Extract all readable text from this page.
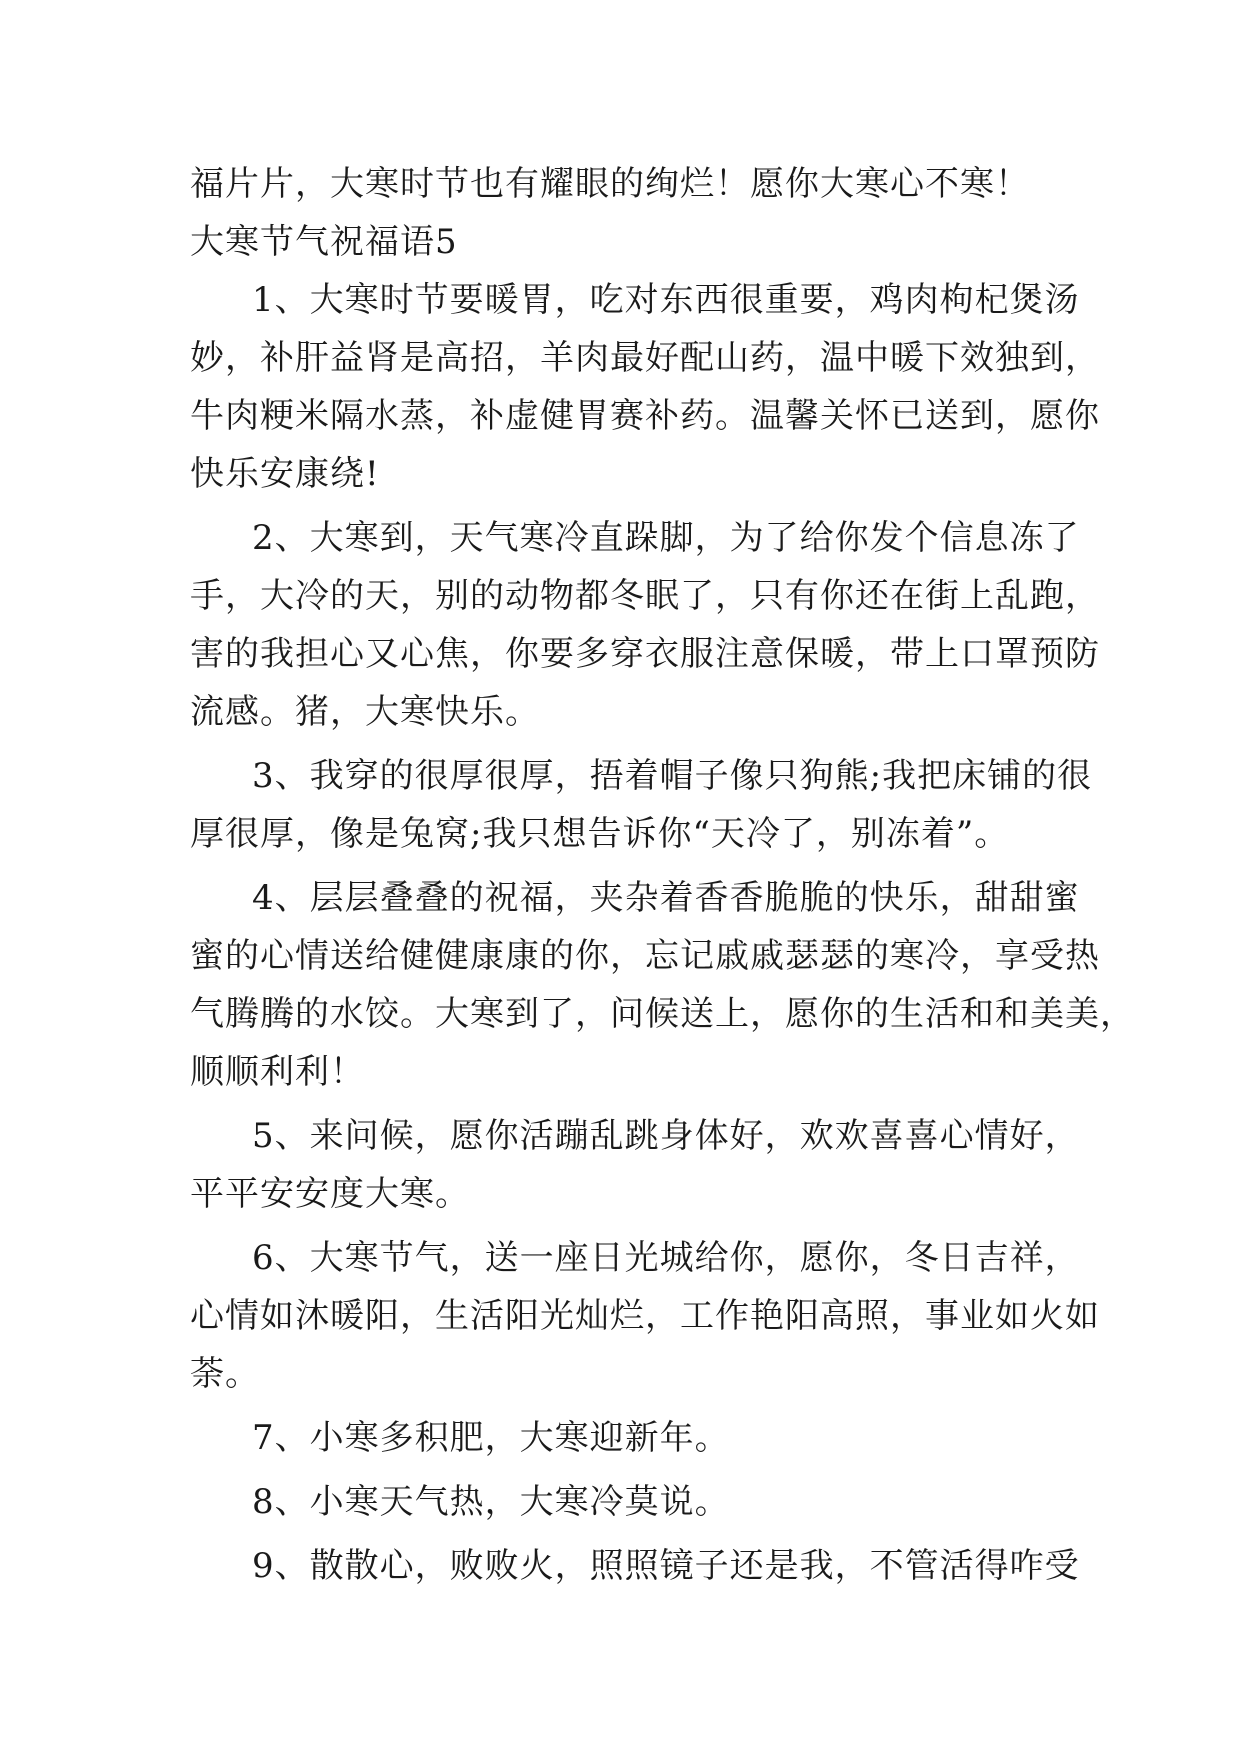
福片片，大寒时节也有耀眼的绚烂！愿你大寒心不寒！
大寒节气祝福语5
1、大寒时节要暖胃，吃对东西很重要，鸡肉枸杞煲汤
妙，补肝益肾是高招，羊肉最好配山药，温中暖下效独到，
牛肉粳米隔水蒸，补虚健胃赛补药。温馨关怀已送到，愿你
快乐安康绕!
2、大寒到，天气寒冷直跺脚，为了给你发个信息冻了
手，大冷的天，别的动物都冬眠了，只有你还在街上乱跑，
害的我担心又心焦，你要多穿衣服注意保暖，带上口罩预防
流感。猪，大寒快乐。
3、我穿的很厚很厚，捂着帽子像只狗熊;我把床铺的很
厚很厚，像是兔窝;我只想告诉你“天冷了，别冻着”。
4、层层叠叠的祝福，夹杂着香香脆脆的快乐，甜甜蜜
蜜的心情送给健健康康的你，忘记戚戚瑟瑟的寒冷，享受热
气腾腾的水饺。大寒到了，问候送上，愿你的生活和和美美，
顺顺利利！
5、来问候，愿你活蹦乱跳身体好，欢欢喜喜心情好，
平平安安度大寒。
6、大寒节气，送一座日光城给你，愿你，冬日吉祥，
心情如沐暖阳，生活阳光灿烂，工作艳阳高照，事业如火如
荼。
7、小寒多积肥，大寒迎新年。
8、小寒天气热，大寒冷莫说。
9、散散心，败败火，照照镜子还是我，不管活得咋受
